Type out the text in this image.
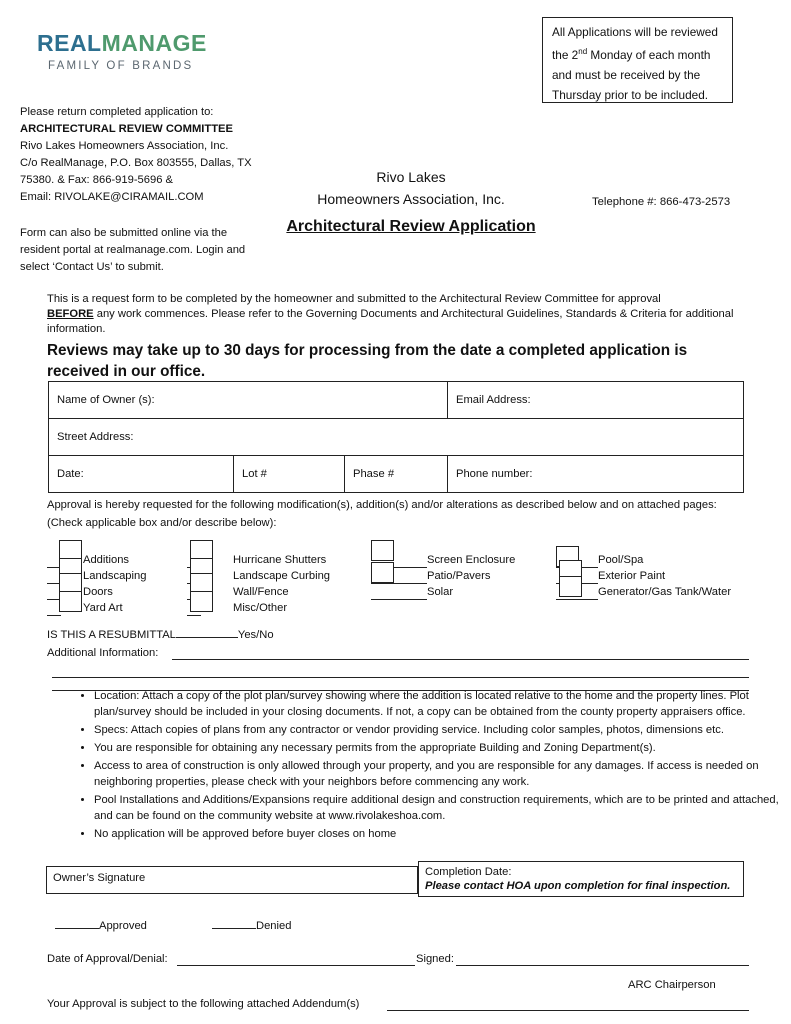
REALMANAGE
FAMILY OF BRANDS
All Applications will be reviewed
the 2nd Monday of each month
and must be received by the
Thursday prior to be included.
Please return completed application to:
ARCHITECTURAL REVIEW COMMITTEE
Rivo Lakes Homeowners Association, Inc.
C/o RealManage, P.O. Box 803555, Dallas, TX
75380. & Fax: 866-919-5696 &
Email: RIVOLAKE@CIRAMAIL.COM
Form can also be submitted online via the
resident portal at realmanage.com. Login and
select ‘Contact Us’ to submit.
Rivo Lakes
Homeowners Association, Inc.
Architectural Review Application
Telephone #: 866-473-2573
This is a request form to be completed by the homeowner and submitted to the Architectural Review Committee for approval
BEFORE any work commences. Please refer to the Governing Documents and Architectural Guidelines, Standards & Criteria for additional information.
Reviews may take up to 30 days for processing from the date a completed application is received in our office.
Name of Owner (s):			Email Address:
Street Address:			
Date:	Lot #	Phase #	Phone number:
Approval is hereby requested for the following modification(s), addition(s) and/or alterations as described below and on attached pages: (Check applicable box and/or describe below):
Additions
Landscaping
Doors
Yard Art
Hurricane Shutters
Landscape Curbing
Wall/Fence
Misc/Other
Screen Enclosure
Patio/Pavers
Solar
Pool/Spa
Exterior Paint
Generator/Gas Tank/Water
IS THIS A RESUBMITTAL	Yes/No
Additional Information:
• Location: Attach a copy of the plot plan/survey showing where the addition is located relative to the home and the property lines. Plot plan/survey should be included in your closing documents. If not, a copy can be obtained from the county property appraisers office.
• Specs: Attach copies of plans from any contractor or vendor providing service. Including color samples, photos, dimensions etc.
• You are responsible for obtaining any necessary permits from the appropriate Building and Zoning Department(s).
• Access to area of construction is only allowed through your property, and you are responsible for any damages. If access is needed on neighboring properties, please check with your neighbors before commencing any work.
• Pool Installations and Additions/Expansions require additional design and construction requirements, which are to be printed and attached, and can be found on the community website at www.rivolakeshoa.com.
• No application will be approved before buyer closes on home
Owner’s Signature	Completion Date:
Please contact HOA upon completion for final inspection.
Approved	Denied
Date of Approval/Denial:	Signed:
ARC Chairperson
Your Approval is subject to the following attached Addendum(s)
